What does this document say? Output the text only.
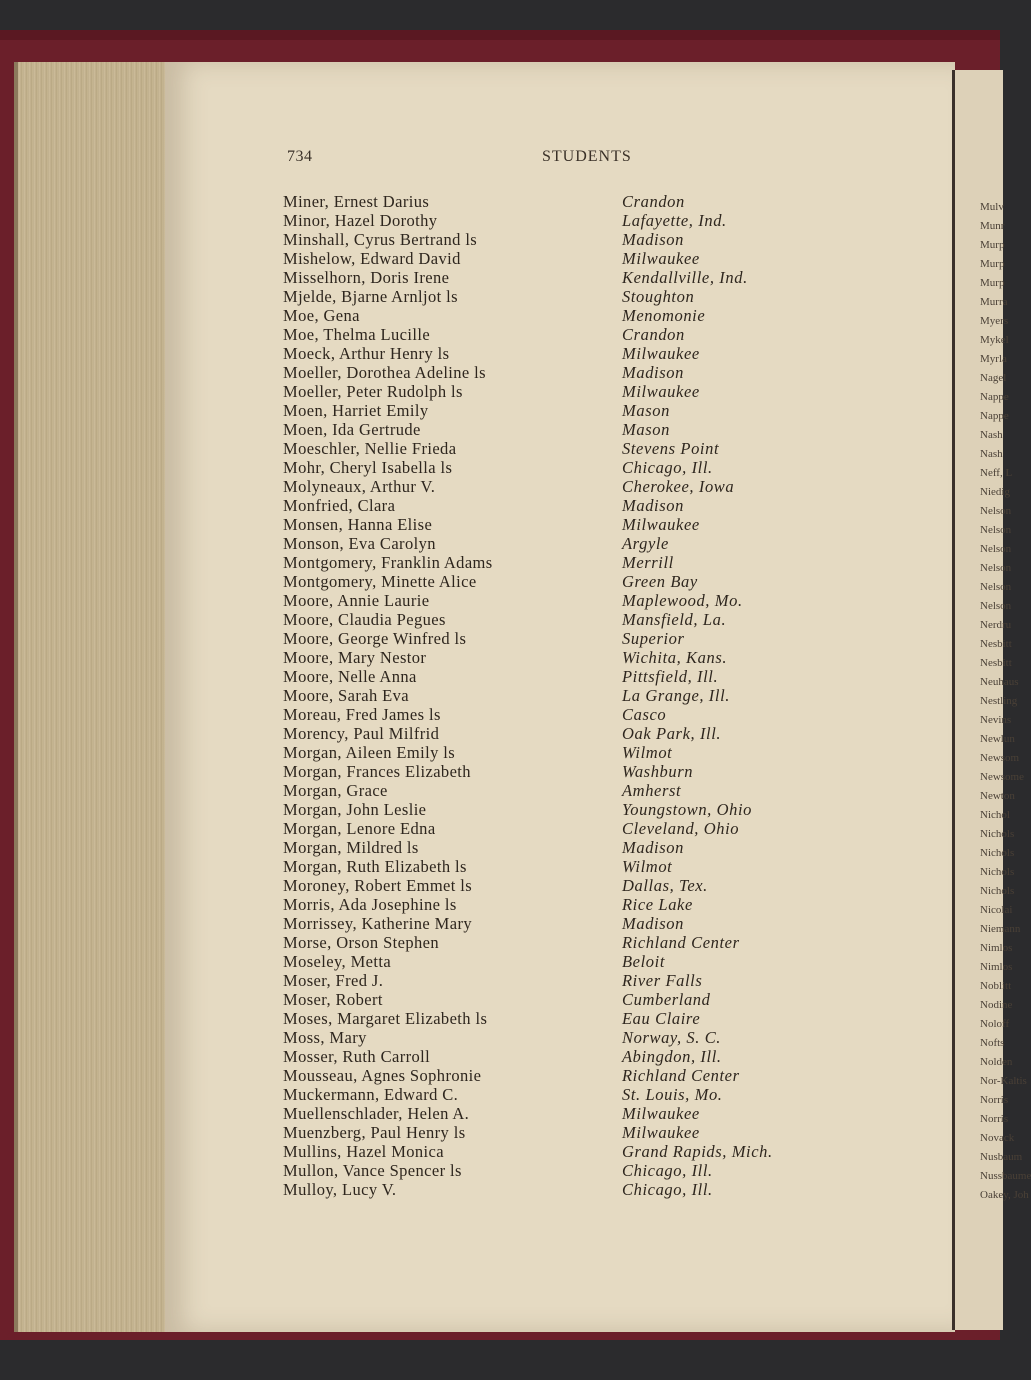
Mulv
Munr
Murp
Murp
Murp
Murra
Myers
Mykel
Myrla
Nagel
Nappe
Nappe
Nash
Nash
Neff, L
Niedig
Nelson
Nelson
Nelson
Nelson
Nelson
Nelson
Nerdru
Nesbitt
Nesbitt
Neuhaus
Nestling
Nevins
Newlun
Newsom
Newsome
Newton
Nichol
Nichols
Nichols
Nichols
Nichols
Nicolai
Niemann
Nimlos
Nimlos
Noblitt
Nodine
Noloff
Nofts
Nolden
Nor-Kaltis
Norris
Norris
Novack
Nusbaum
Nussbaume
Oakey, Joh
734	STUDENTS
Miner, Ernest Darius	Crandon
Minor, Hazel Dorothy	Lafayette, Ind.
Minshall, Cyrus Bertrand ls	Madison
Mishelow, Edward David	Milwaukee
Misselhorn, Doris Irene	Kendallville, Ind.
Mjelde, Bjarne Arnljot ls	Stoughton
Moe, Gena	Menomonie
Moe, Thelma Lucille	Crandon
Moeck, Arthur Henry ls	Milwaukee
Moeller, Dorothea Adeline ls	Madison
Moeller, Peter Rudolph ls	Milwaukee
Moen, Harriet Emily	Mason
Moen, Ida Gertrude	Mason
Moeschler, Nellie Frieda	Stevens Point
Mohr, Cheryl Isabella ls	Chicago, Ill.
Molyneaux, Arthur V.	Cherokee, Iowa
Monfried, Clara	Madison
Monsen, Hanna Elise	Milwaukee
Monson, Eva Carolyn	Argyle
Montgomery, Franklin Adams	Merrill
Montgomery, Minette Alice	Green Bay
Moore, Annie Laurie	Maplewood, Mo.
Moore, Claudia Pegues	Mansfield, La.
Moore, George Winfred ls	Superior
Moore, Mary Nestor	Wichita, Kans.
Moore, Nelle Anna	Pittsfield, Ill.
Moore, Sarah Eva	La Grange, Ill.
Moreau, Fred James ls	Casco
Morency, Paul Milfrid	Oak Park, Ill.
Morgan, Aileen Emily ls	Wilmot
Morgan, Frances Elizabeth	Washburn
Morgan, Grace	Amherst
Morgan, John Leslie	Youngstown, Ohio
Morgan, Lenore Edna	Cleveland, Ohio
Morgan, Mildred ls	Madison
Morgan, Ruth Elizabeth ls	Wilmot
Moroney, Robert Emmet ls	Dallas, Tex.
Morris, Ada Josephine ls	Rice Lake
Morrissey, Katherine Mary	Madison
Morse, Orson Stephen	Richland Center
Moseley, Metta	Beloit
Moser, Fred J.	River Falls
Moser, Robert	Cumberland
Moses, Margaret Elizabeth ls	Eau Claire
Moss, Mary	Norway, S. C.
Mosser, Ruth Carroll	Abingdon, Ill.
Mousseau, Agnes Sophronie	Richland Center
Muckermann, Edward C.	St. Louis, Mo.
Muellenschlader, Helen A.	Milwaukee
Muenzberg, Paul Henry ls	Milwaukee
Mullins, Hazel Monica	Grand Rapids, Mich.
Mullon, Vance Spencer ls	Chicago, Ill.
Mulloy, Lucy V.	Chicago, Ill.
